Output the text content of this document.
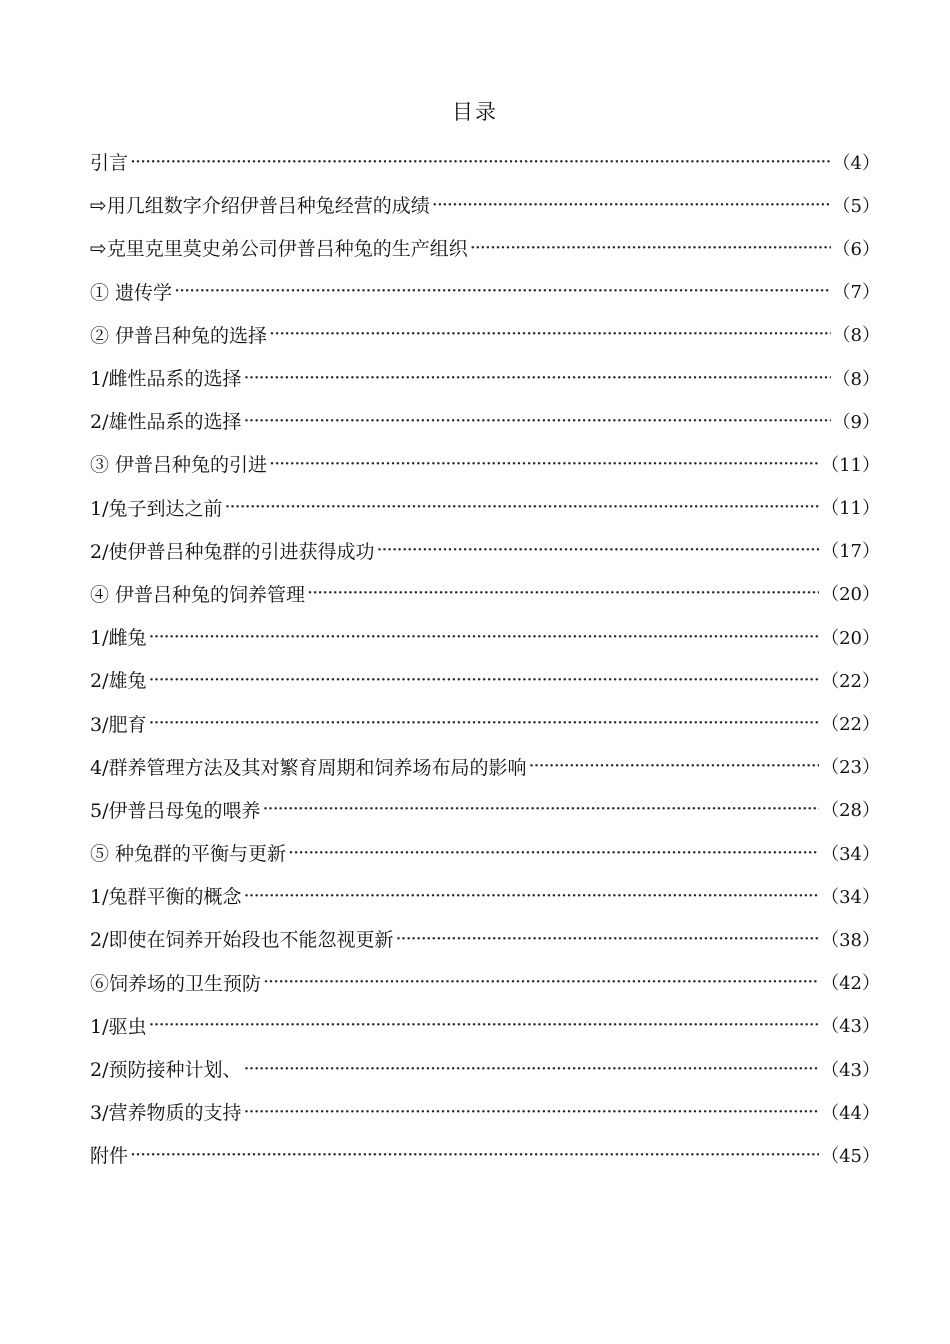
目录
引言 ·····	（4）
⇨ 用几组数字介绍伊普吕种兔经营的成绩 ·····	（5）
⇨ 克里克里莫史弟公司伊普吕种兔的生产组织 ·····	（6）
① 遗传学 ·····	（7）
② 伊普吕种兔的选择 ·····	（8）
1/雌性品系的选择 ·····	（8）
2/雄性品系的选择 ·····	（9）
③ 伊普吕种兔的引进 ·····	（11）
1/兔子到达之前 ·····	（11）
2/使伊普吕种兔群的引进获得成功 ·····	（17）
④ 伊普吕种兔的饲养管理 ·····	（20）
1/雌兔 ·····	（20）
2/雄兔 ·····	（22）
3/肥育 ·····	（22）
4/群养管理方法及其对繁育周期和饲养场布局的影响 ·····	（23）
5/伊普吕母兔的喂养 ·····	（28）
⑤ 种兔群的平衡与更新 ·····	（34）
1/兔群平衡的概念 ·····	（34）
2/即使在饲养开始段也不能忽视更新 ·····	（38）
⑥饲养场的卫生预防 ·····	（42）
1/驱虫 ·····	（43）
2/预防接种计划、 ·····	（43）
3/营养物质的支持 ·····	（44）
附件 ·····	（45）
